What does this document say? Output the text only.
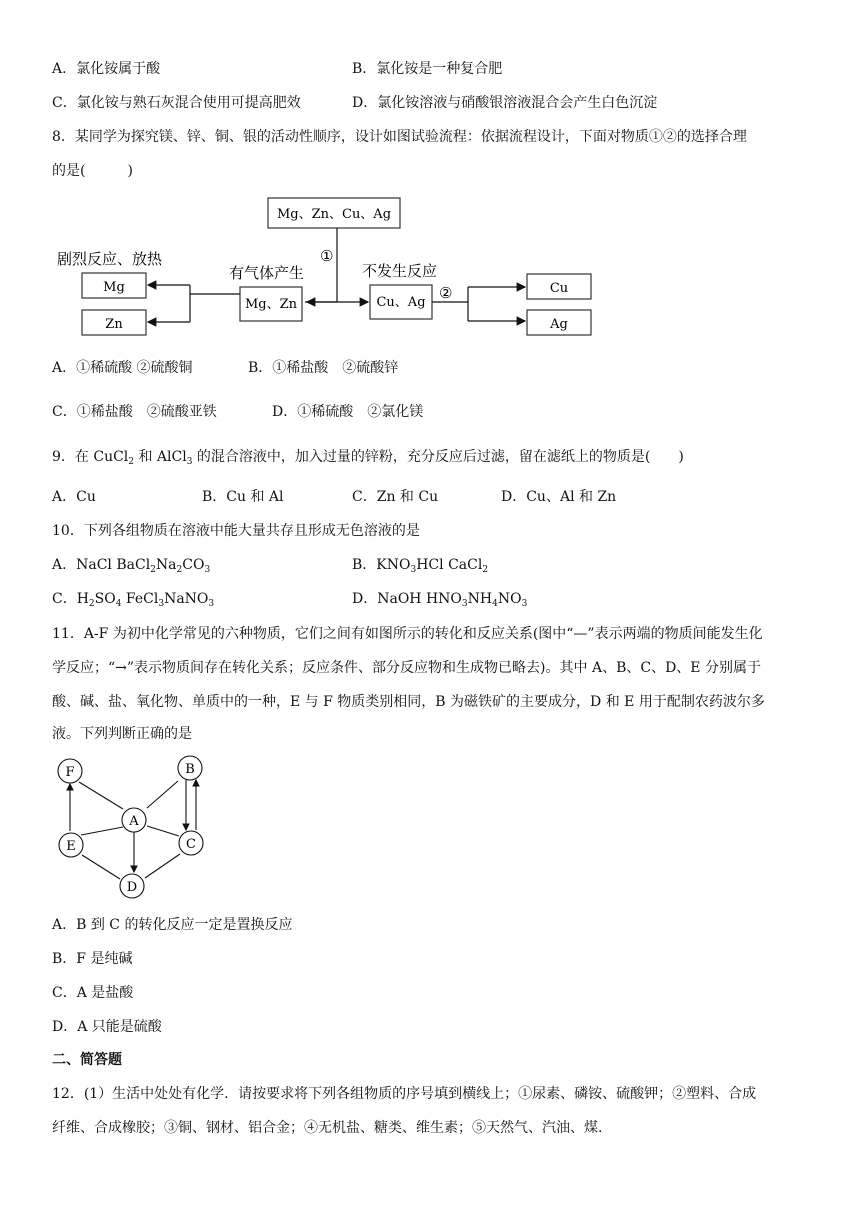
A．氯化铵属于酸	B．氯化铵是一种复合肥
C．氯化铵与熟石灰混合使用可提高肥效	D．氯化铵溶液与硝酸银溶液混合会产生白色沉淀
8．某同学为探究镁、锌、铜、银的活动性顺序，设计如图试验流程：依据流程设计，下面对物质①②的选择合理
的是(　　　)
Mg、Zn、Cu、Ag
①
有气体产生
Mg、Zn
不发生反应
Cu、Ag
②
剧烈反应、放热
Mg
Zn
Cu
Ag
A．①稀硫酸 ②硫酸铜	B．①稀盐酸　②硫酸锌
C．①稀盐酸　②硫酸亚铁	D．①稀硫酸　②氯化镁
9．在 CuCl$_2$ 和 AlCl$_3$ 的混合溶液中，加入过量的锌粉，充分反应后过滤，留在滤纸上的物质是(　　)
A．Cu	B．Cu 和 Al	C．Zn 和 Cu	D．Cu、Al 和 Zn
10．下列各组物质在溶液中能大量共存且形成无色溶液的是
A．NaCl $BaCl_2Na_2CO_3$	B．$KNO_3HCl$ CaCl$_2$
C．$H_2SO_4$ FeCl$_3$NaNO$_3$	D．NaOH $HNO_3NH_4NO_3$
11．A-F 为初中化学常见的六种物质，它们之间有如图所示的转化和反应关系(图中“—”表示两端的物质间能发生化
学反应；“→”表示物质间存在转化关系；反应条件、部分反应物和生成物已略去)。其中 A、B、C、D、E 分别属于
酸、碱、盐、氧化物、单质中的一种，E 与 F 物质类别相同，B 为磁铁矿的主要成分，D 和 E 用于配制农药波尔多
液。下列判断正确的是
F	B
A
E	C
D
A．B 到 C 的转化反应一定是置换反应
B．F 是纯碱
C．A 是盐酸
D．A 只能是硫酸
二、简答题
12．(1）生活中处处有化学．请按要求将下列各组物质的序号填到横线上；①尿素、磷铵、硫酸钾；②塑料、合成
纤维、合成橡胶；③铜、钢材、铝合金；④无机盐、糖类、维生素；⑤天然气、汽油、煤.
